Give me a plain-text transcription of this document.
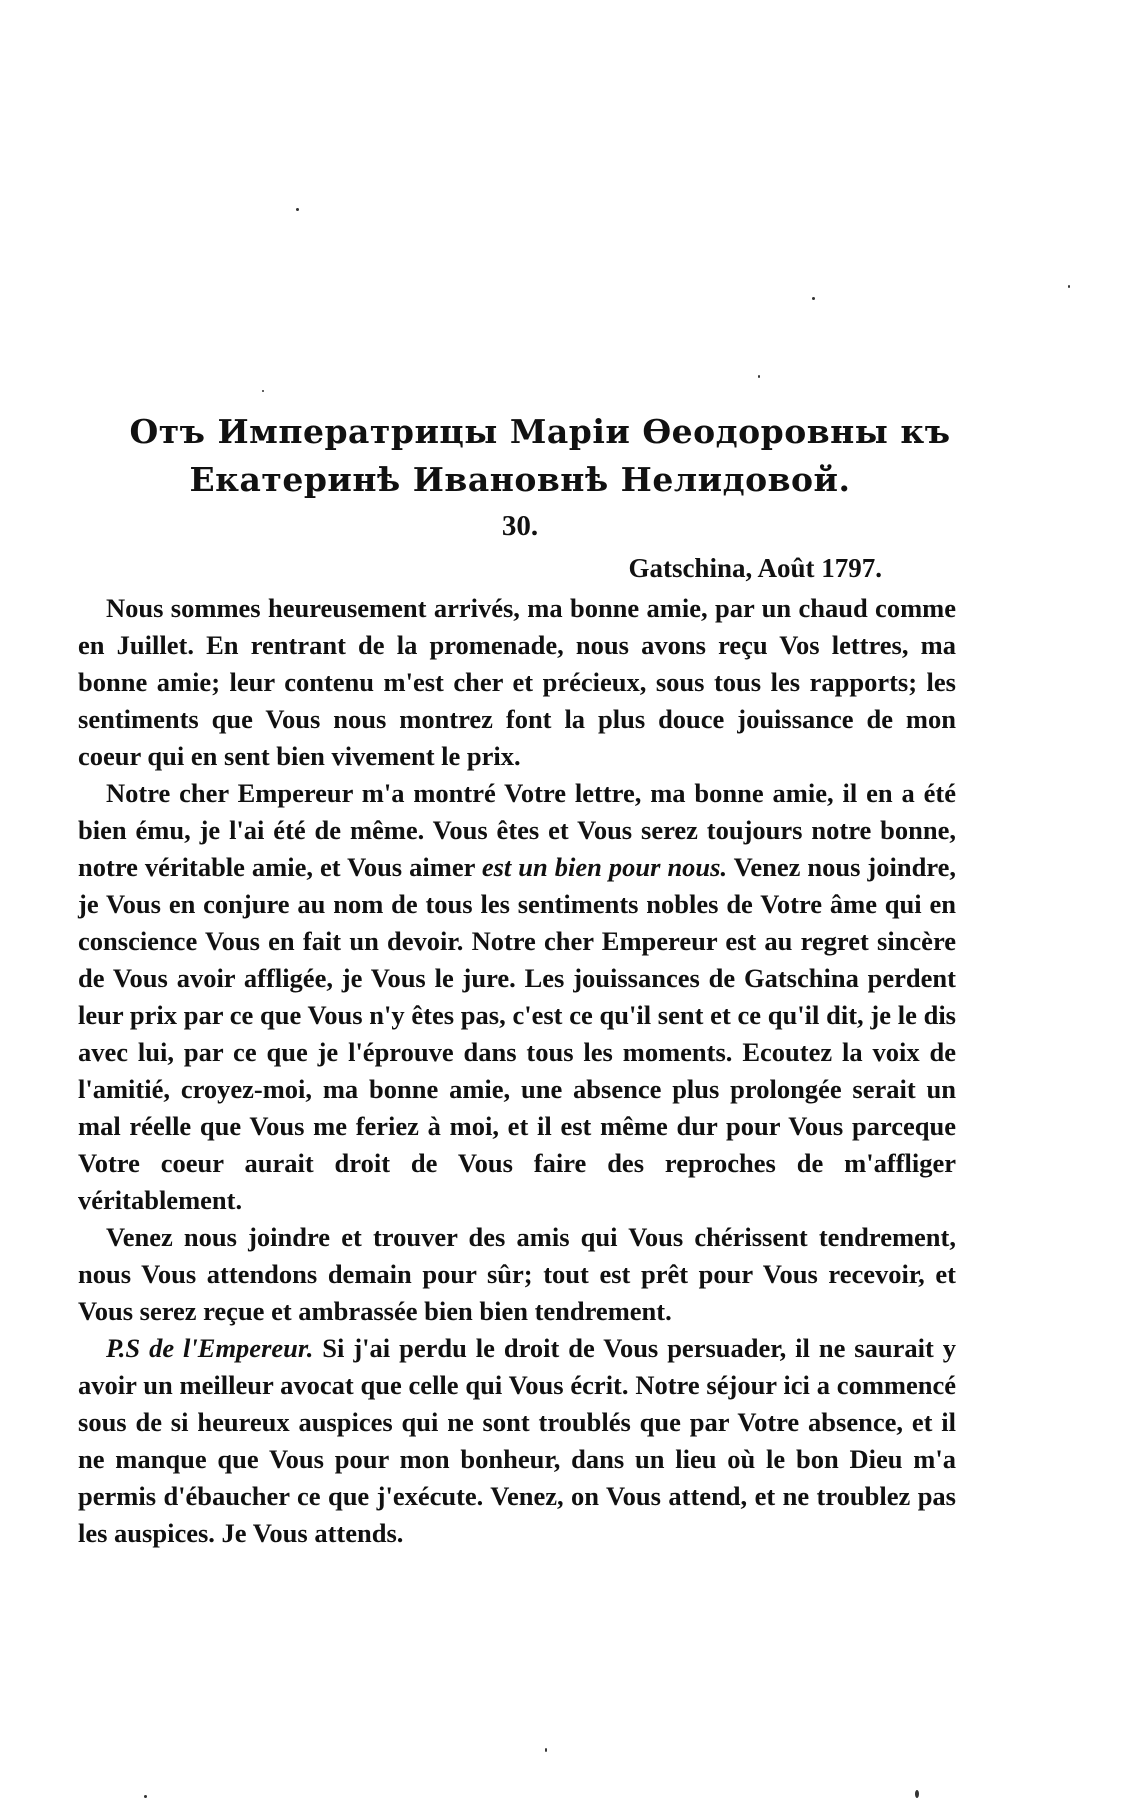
Отъ Императрицы Маріи Ѳеодоровны къ
Екатеринѣ Ивановнѣ Нелидовой.
30.
Gatsсhina, Août 1797.

Nous sommes heureusement arrivés, ma bonne amie, par un chaud comme en Juillet. En rentrant de la promenade, nous avons reçu Vos lettres, ma bonne amie; leur contenu m'est cher et précieux, sous tous les rapports; les sentiments que Vous nous montrez font la plus douce jouissance de mon coeur qui en sent bien vivement le prix.

Notre cher Empereur m'a montré Votre lettre, ma bonne amie, il en a été bien ému, je l'ai été de même. Vous êtes et Vous serez toujours notre bonne, notre véritable amie, et Vous aimer est un bien pour nous. Venez nous joindre, je Vous en conjure au nom de tous les sentiments nobles de Votre âme qui en conscience Vous en fait un devoir. Notre cher Empereur est au regret sincère de Vous avoir affligée, je Vous le jure. Les jouissances de Gatschina perdent leur prix par ce que Vous n'y êtes pas, c'est ce qu'il sent et ce qu'il dit, je le dis avec lui, par ce que je l'éprouve dans tous les moments. Ecoutez la voix de l'amitié, croyez-moi, ma bonne amie, une absence plus prolongée serait un mal réelle que Vous me feriez à moi, et il est même dur pour Vous parceque Votre coeur aurait droit de Vous faire des reproches de m'affliger véritablement.

Venez nous joindre et trouver des amis qui Vous chérissent tendrement, nous Vous attendons demain pour sûr; tout est prêt pour Vous recevoir, et Vous serez reçue et ambrassée bien bien tendrement.

P.S de l'Empereur. Si j'ai perdu le droit de Vous persuader, il ne saurait y avoir un meilleur avocat que celle qui Vous écrit. Notre séjour ici a commencé sous de si heureux auspices qui ne sont troublés que par Votre absence, et il ne manque que Vous pour mon bonheur, dans un lieu où le bon Dieu m'a permis d'ébaucher ce que j'exécute. Venez, on Vous attend, et ne troublez pas les auspices. Je Vous attends.
